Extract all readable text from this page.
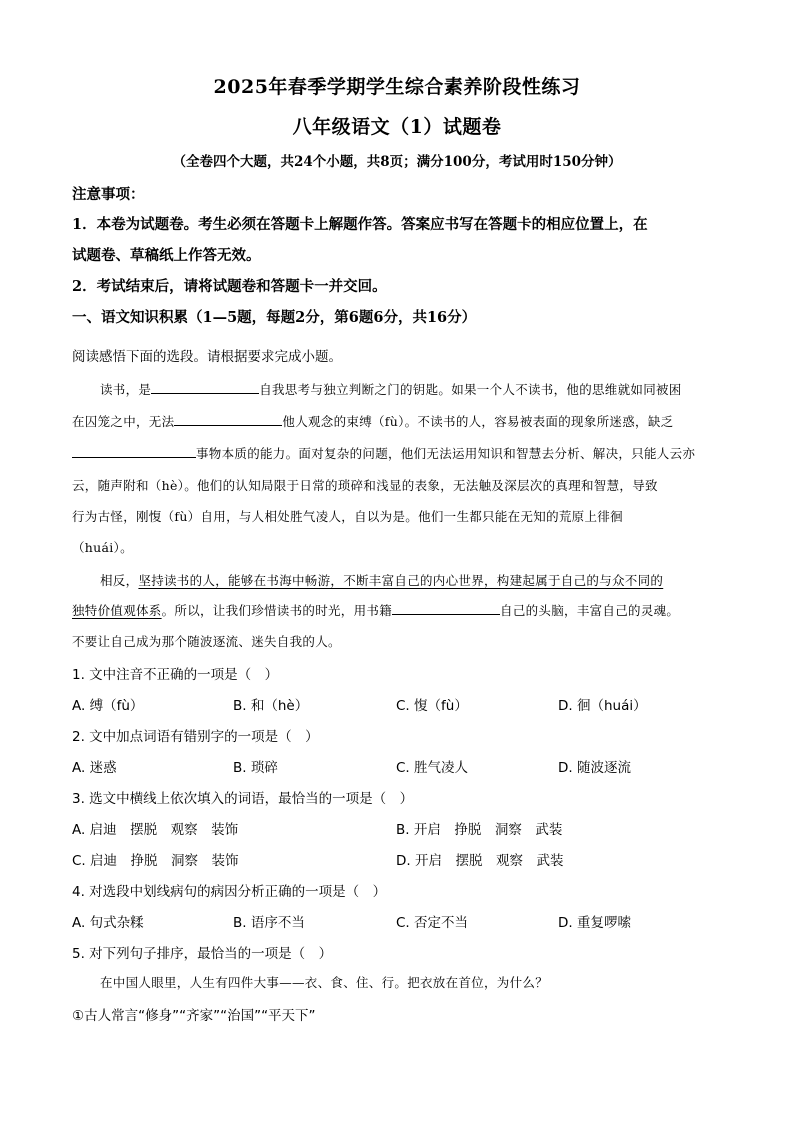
2025年春季学期学生综合素养阶段性练习
八年级语文（1）试题卷
（全卷四个大题，共24个小题，共8页；满分100分，考试用时150分钟）
注意事项：
1．本卷为试题卷。考生必须在答题卡上解题作答。答案应书写在答题卡的相应位置上，在
试题卷、草稿纸上作答无效。
2．考试结束后，请将试题卷和答题卡一并交回。
一、语文知识积累（1—5题，每题2分，第6题6分，共16分）
阅读感悟下面的选段。请根据要求完成小题。
读书，是	自我思考与独立判断之门的钥匙。如果一个人不读书，他的思维就如同被困
在囚笼之中，无法	他人观念的束缚（fù）。不读书的人，容易被表面的现象所迷惑，缺乏
事物本质的能力。面对复杂的问题，他们无法运用知识和智慧去分析、解决，只能人云亦
云，随声附和（hè）。他们的认知局限于日常的琐碎和浅显的表象，无法触及深层次的真理和智慧，导致
行为古怪，刚愎（fù）自用，与人相处胜气凌人，自以为是。他们一生都只能在无知的荒原上徘徊
（huái）。
相反，坚持读书的人，能够在书海中畅游，不断丰富自己的内心世界，构建起属于自己的与众不同的
独特价值观体系。所以，让我们珍惜读书的时光，用书籍	自己的头脑，丰富自己的灵魂。
不要让自己成为那个随波逐流、迷失自我的人。
1. 文中注音不正确的一项是（　）
A. 缚（fù）	B. 和（hè）	C. 愎（fù）	D. 徊（huái）
2. 文中加点词语有错别字的一项是（　）
A. 迷惑	B. 琐碎	C. 胜气凌人	D. 随波逐流
3. 选文中横线上依次填入的词语，最恰当的一项是（　）
A. 启迪　摆脱　观察　装饰	B. 开启　挣脱　洞察　武装
C. 启迪　挣脱　洞察　装饰	D. 开启　摆脱　观察　武装
4. 对选段中划线病句的病因分析正确的一项是（　）
A. 句式杂糅	B. 语序不当	C. 否定不当	D. 重复啰嗦
5. 对下列句子排序，最恰当的一项是（　）
在中国人眼里，人生有四件大事——衣、食、住、行。把衣放在首位，为什么？
①古人常言“修身”“齐家”“治国”“平天下”
